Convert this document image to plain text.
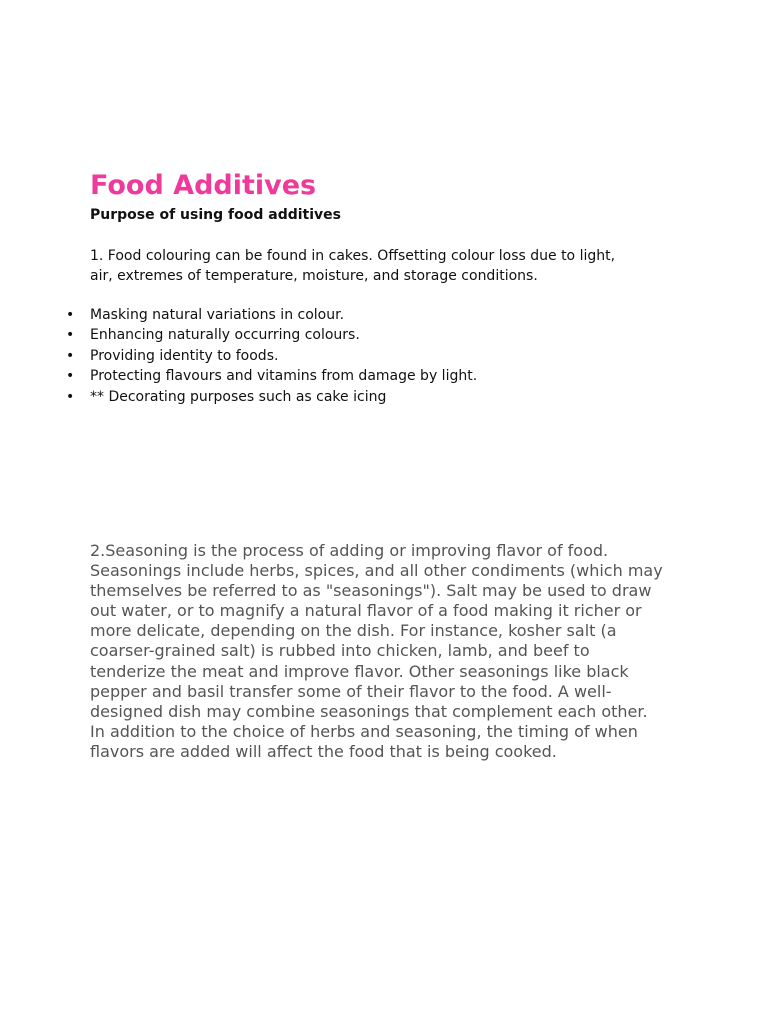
Food Additives
Purpose of using food additives

1. Food colouring can be found in cakes. Offsetting colour loss due to light,
air, extremes of temperature, moisture, and storage conditions.

• Masking natural variations in colour.
• Enhancing naturally occurring colours.
• Providing identity to foods.
• Protecting flavours and vitamins from damage by light.
• ** Decorating purposes such as cake icing

2.Seasoning is the process of adding or improving flavor of food.
Seasonings include herbs, spices, and all other condiments (which may
themselves be referred to as "seasonings"). Salt may be used to draw
out water, or to magnify a natural flavor of a food making it richer or
more delicate, depending on the dish. For instance, kosher salt (a
coarser-grained salt) is rubbed into chicken, lamb, and beef to
tenderize the meat and improve flavor. Other seasonings like black
pepper and basil transfer some of their flavor to the food. A well-
designed dish may combine seasonings that complement each other.
In addition to the choice of herbs and seasoning, the timing of when
flavors are added will affect the food that is being cooked.
